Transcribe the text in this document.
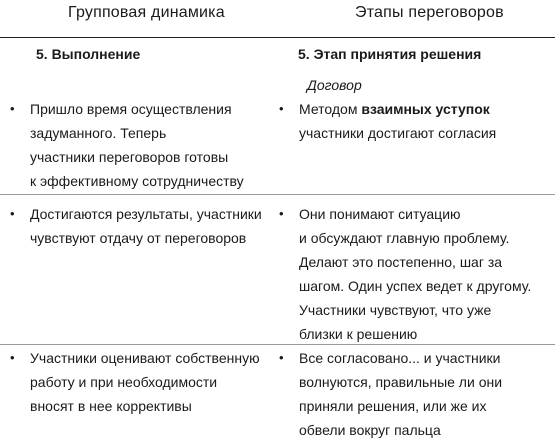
Групповая динамика	Этапы переговоров
5. Выполнение	5. Этап принятия решения
Договор
• Пришло время осуществления
задуманного. Теперь
участники переговоров готовы
к эффективному сотрудничеству
• Методом взаимных уступок
участники достигают согласия
• Достигаются результаты, участники
чувствуют отдачу от переговоров
• Они понимают ситуацию
и обсуждают главную проблему.
Делают это постепенно, шаг за
шагом. Один успех ведет к другому.
Участники чувствуют, что уже
близки к решению
• Участники оценивают собственную
работу и при необходимости
вносят в нее коррективы
• Все согласовано... и участники
волнуются, правильные ли они
приняли решения, или же их
обвели вокруг пальца
